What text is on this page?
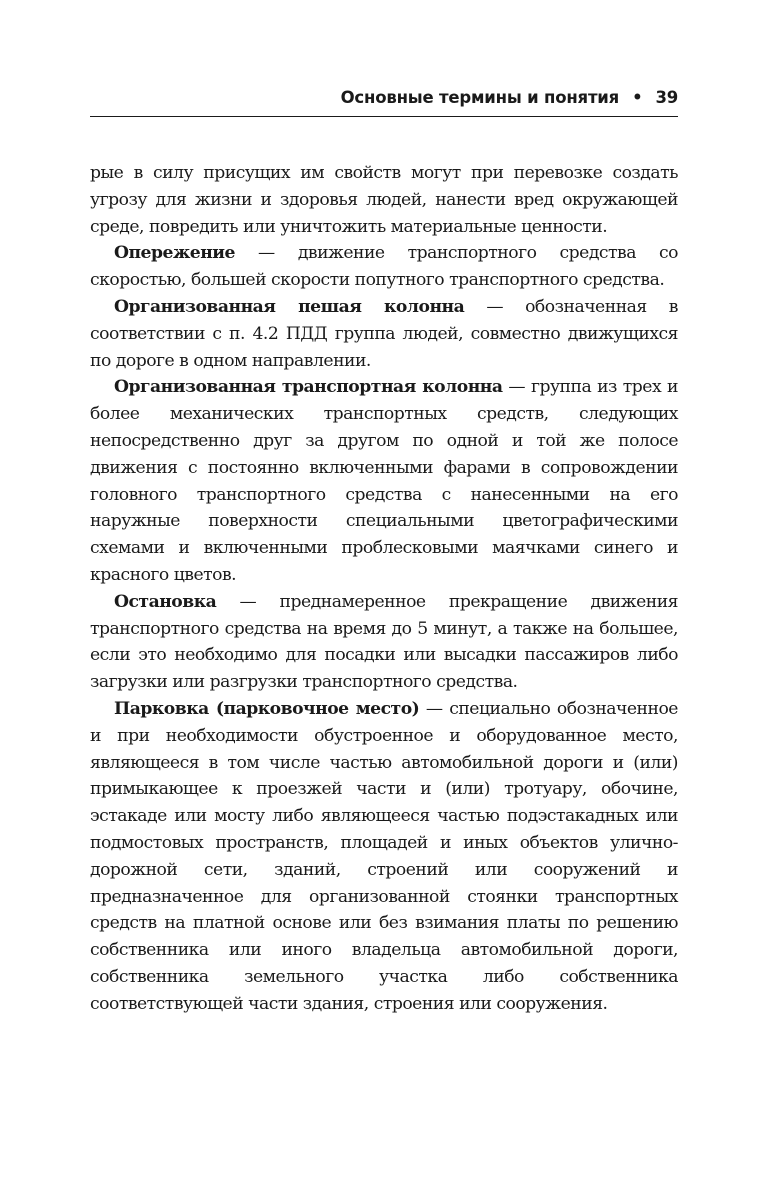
Основные термины и понятия • 39

рые в силу присущих им свойств могут при перевозке создать угрозу для жизни и здоровья людей, нанести вред окружающей среде, повредить или уничтожить материальные ценности.

Опережение — движение транспортного средства со скоростью, большей скорости попутного транспортного средства.

Организованная пешая колонна — обозначенная в соответствии с п. 4.2 ПДД группа людей, совместно движущихся по дороге в одном направлении.

Организованная транспортная колонна — группа из трех и более механических транспортных средств, следующих непосредственно друг за другом по одной и той же полосе движения с постоянно включенными фарами в сопровождении головного транспортного средства с нанесенными на его наружные поверхности специальными цветографическими схемами и включенными проблесковыми маячками синего и красного цветов.

Остановка — преднамеренное прекращение движения транспортного средства на время до 5 минут, а также на большее, если это необходимо для посадки или высадки пассажиров либо загрузки или разгрузки транспортного средства.

Парковка (парковочное место) — специально обозначенное и при необходимости обустроенное и оборудованное место, являющееся в том числе частью автомобильной дороги и (или) примыкающее к проезжей части и (или) тротуару, обочине, эстакаде или мосту либо являющееся частью подэстакадных или подмостовых пространств, площадей и иных объектов улично-дорожной сети, зданий, строений или сооружений и предназначенное для организованной стоянки транспортных средств на платной основе или без взимания платы по решению собственника или иного владельца автомобильной дороги, собственника земельного участка либо собственника соответствующей части здания, строения или сооружения.
